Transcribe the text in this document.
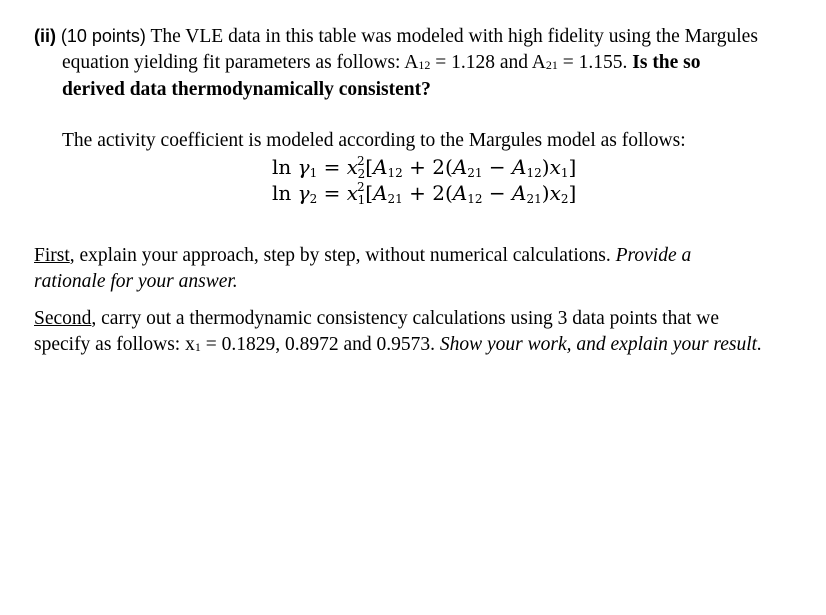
(ii) (10 points) The VLE data in this table was modeled with high fidelity using the Margules
equation yielding fit parameters as follows: A12 = 1.128 and A21 = 1.155. Is the so
derived data thermodynamically consistent?
The activity coefficient is modeled according to the Margules model as follows:
$\ln \gamma 1 = x^2_2[A12 + 2(A21 - A12)x1]$
$\ln \gamma 2 = x^2_1[A21 + 2(A12 - A21)x2]$
First, explain your approach, step by step, without numerical calculations. Provide a
rationale for your answer.
Second, carry out a thermodynamic consistency calculations using 3 data points that we
specify as follows: x1 = 0.1829, 0.8972 and 0.9573. Show your work, and explain your result.
